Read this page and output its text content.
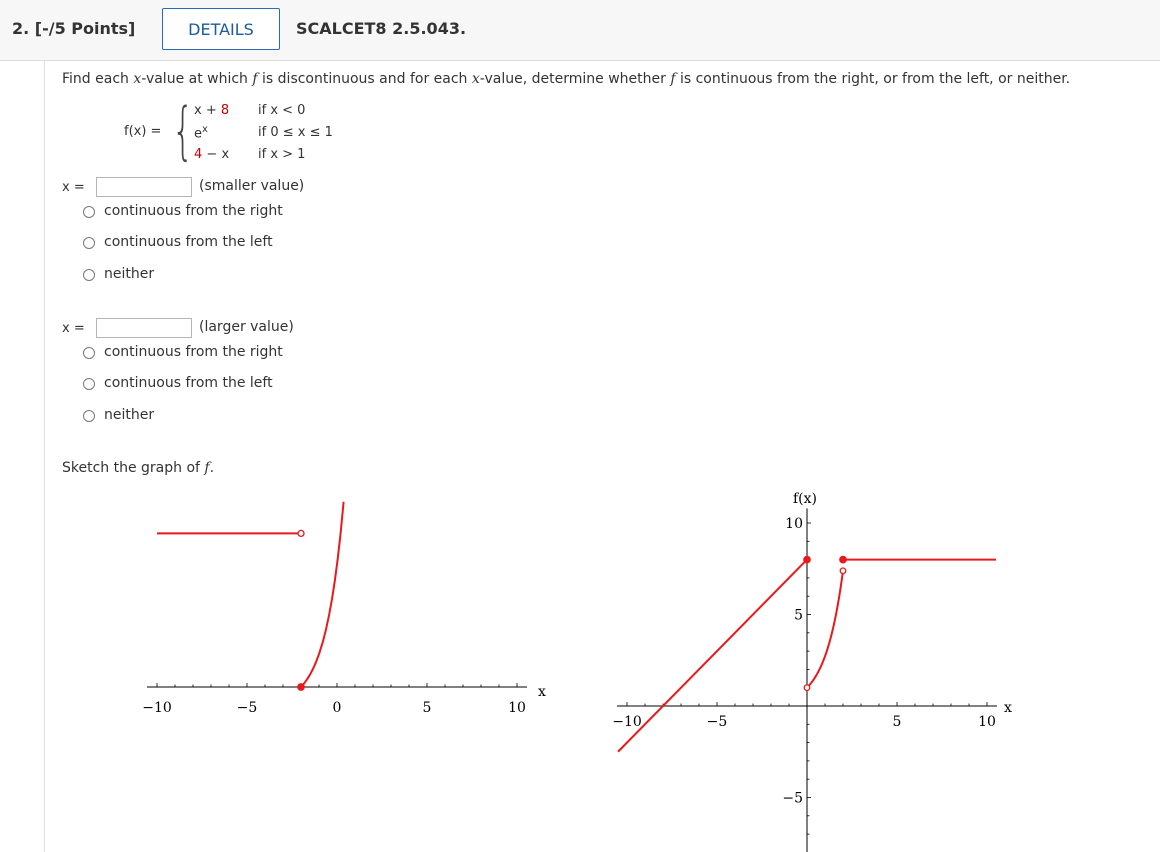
2. [-/5 Points]	DETAILS	SCALCET8 2.5.043.
Find each x-value at which f is discontinuous and for each x-value, determine whether f is continuous from the right, or from the left, or neither.
f(x) = { x + 8 if x < 0
$e^x$	if 0 ≤ x ≤ 1
4 − x if x > 1
x =	(smaller value)
continuous from the right
continuous from the left
neither
x =	(larger value)
continuous from the right
continuous from the left
neither
Sketch the graph of f.
−10	−5	0	5	10
x
−10	−5	5	10
10
5
−5
x
f(x)
